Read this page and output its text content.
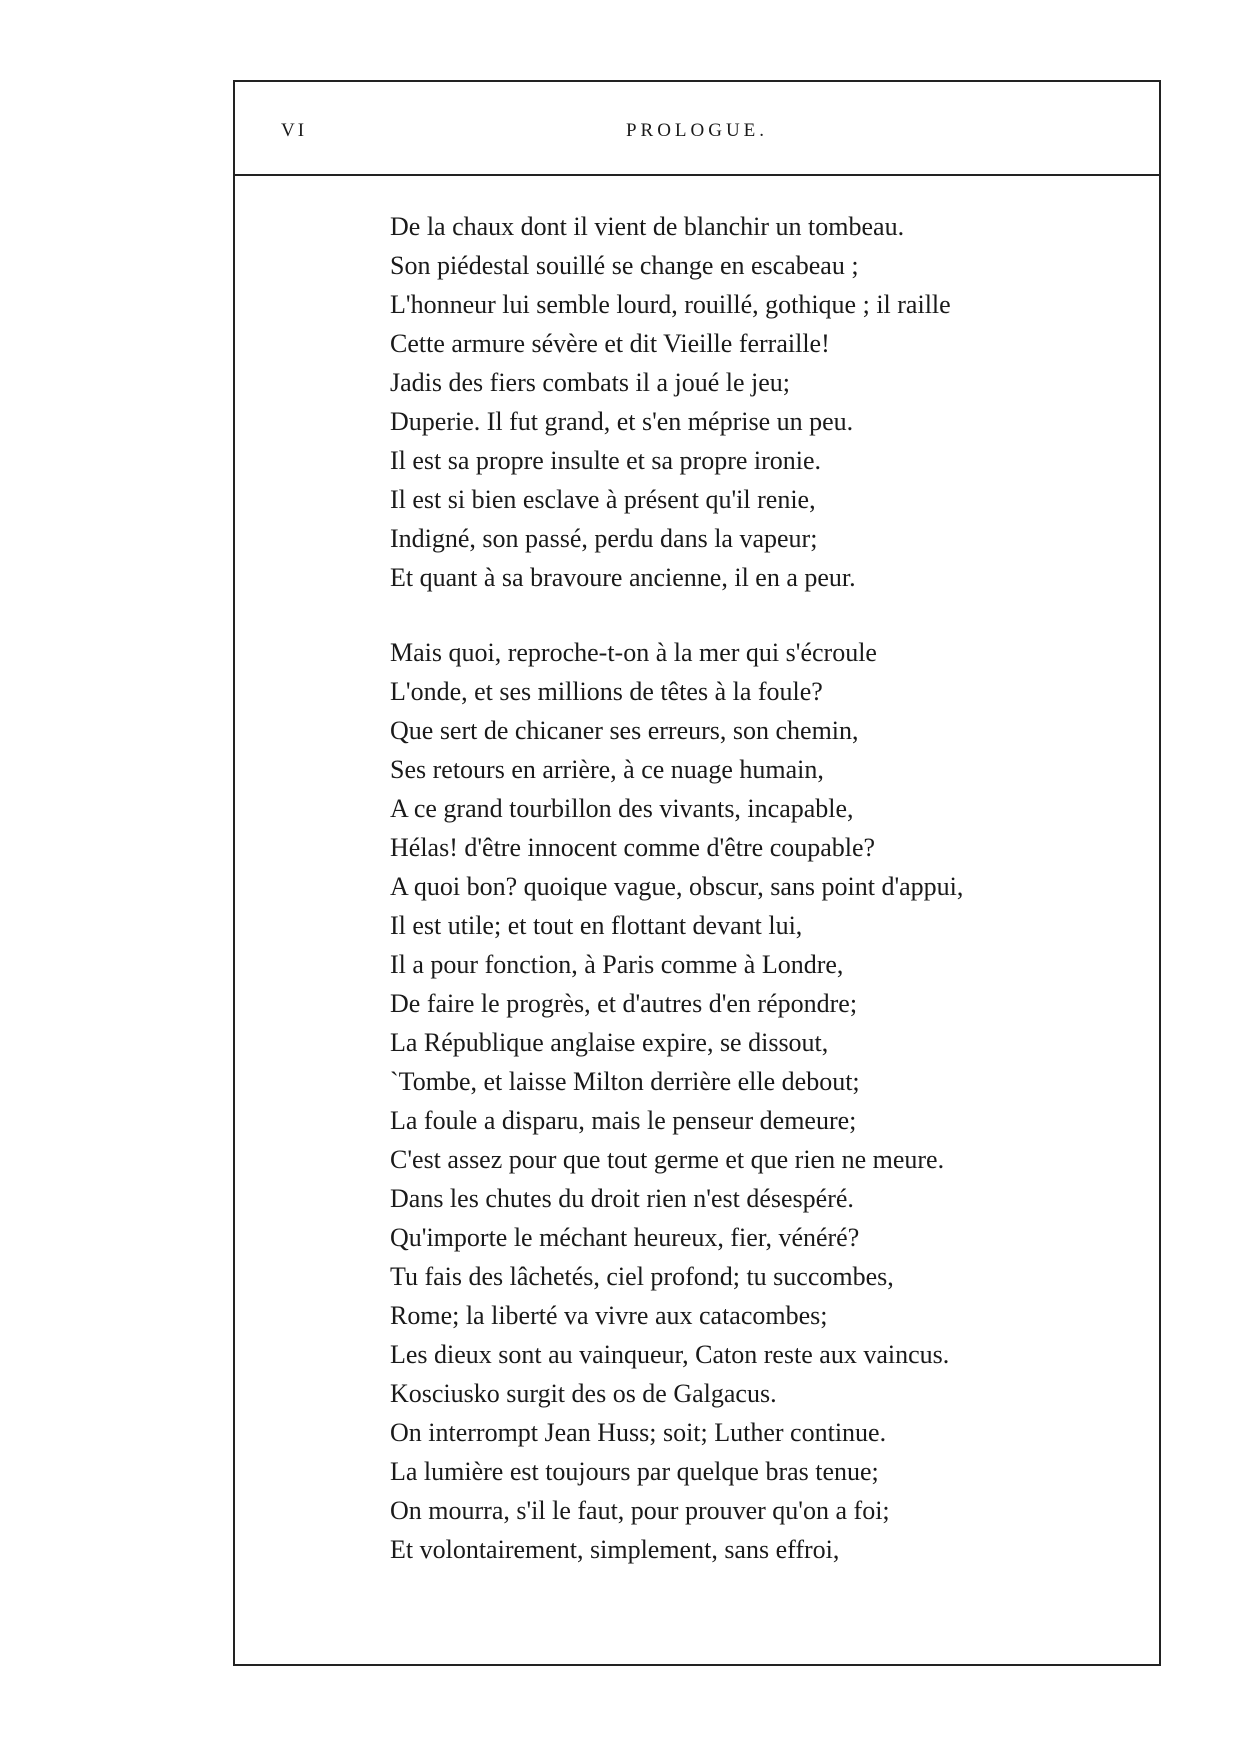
VI	PROLOGUE.
De la chaux dont il vient de blanchir un tombeau.
Son piédestal souillé se change en escabeau ;
L'honneur lui semble lourd, rouillé, gothique ; il raille
Cette armure sévère et dit Vieille ferraille!
Jadis des fiers combats il a joué le jeu;
Duperie. Il fut grand, et s'en méprise un peu.
Il est sa propre insulte et sa propre ironie.
Il est si bien esclave à présent qu'il renie,
Indigné, son passé, perdu dans la vapeur;
Et quant à sa bravoure ancienne, il en a peur.
Mais quoi, reproche-t-on à la mer qui s'écroule
L'onde, et ses millions de têtes à la foule?
Que sert de chicaner ses erreurs, son chemin,
Ses retours en arrière, à ce nuage humain,
A ce grand tourbillon des vivants, incapable,
Hélas! d'être innocent comme d'être coupable?
A quoi bon? quoique vague, obscur, sans point d'appui,
Il est utile; et tout en flottant devant lui,
Il a pour fonction, à Paris comme à Londre,
De faire le progrès, et d'autres d'en répondre;
La République anglaise expire, se dissout,
`Tombe, et laisse Milton derrière elle debout;
La foule a disparu, mais le penseur demeure;
C'est assez pour que tout germe et que rien ne meure.
Dans les chutes du droit rien n'est désespéré.
Qu'importe le méchant heureux, fier, vénéré?
Tu fais des lâchetés, ciel profond; tu succombes,
Rome; la liberté va vivre aux catacombes;
Les dieux sont au vainqueur, Caton reste aux vaincus.
Kosciusko surgit des os de Galgacus.
On interrompt Jean Huss; soit; Luther continue.
La lumière est toujours par quelque bras tenue;
On mourra, s'il le faut, pour prouver qu'on a foi;
Et volontairement, simplement, sans effroi,
